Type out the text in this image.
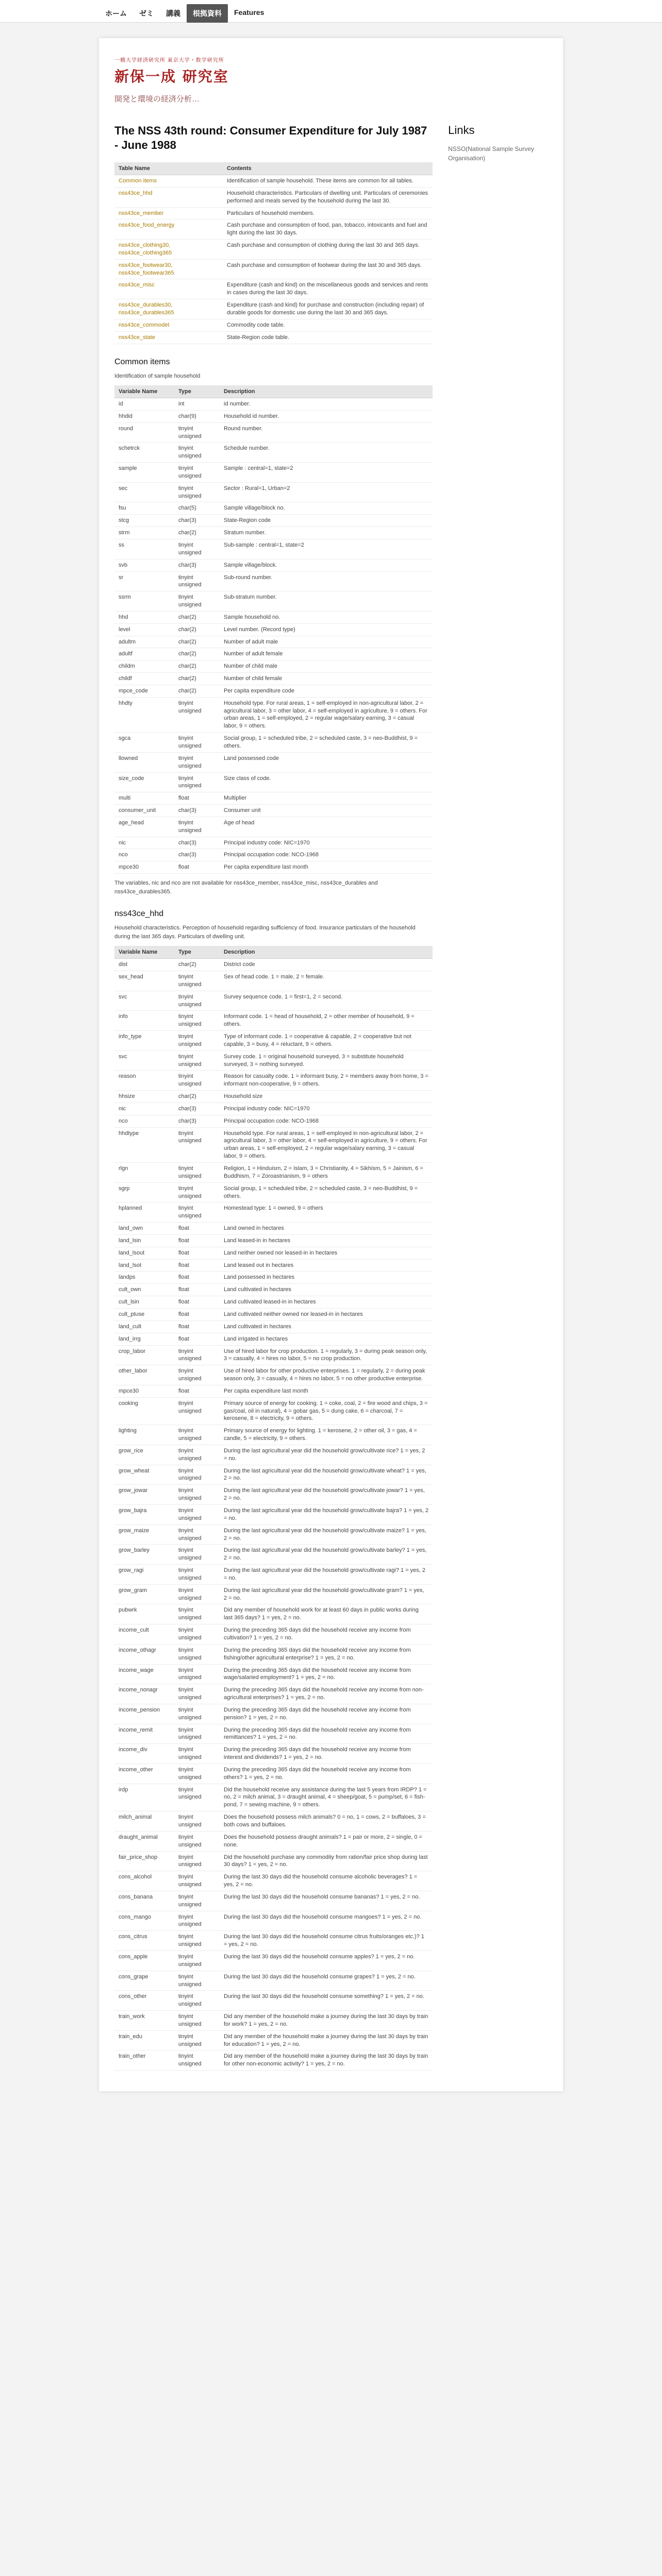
ホーム	ゼミ	講義	根拠資料	Features
一橋大学経済研究所 東京大学・数学研究所
新保一成 研究室
開発と環境の経済分析…
The NSS 43th round: Consumer Expenditure for July 1987 - June 1988
Table Name	Contents
Common items	Identification of sample household. These items are common for all tables.
nss43ce_hhd	Household characteristics. Particulars of dwelling unit. Particulars of ceremonies performed and meals served by the household during the last 30.
nss43ce_member	Particulars of household members.
nss43ce_food_energy	Cash purchase and consumption of food, pan, tobacco, intoxicants and fuel and light during the last 30 days.
nss43ce_clothing30, nss43ce_clothing365	Cash purchase and consumption of clothing during the last 30 and 365 days.
nss43ce_footwear30, nss43ce_footwear365	Cash purchase and consumption of footwear during the last 30 and 365 days.
nss43ce_misc	Expenditure (cash and kind) on the miscellaneous goods and services and rents in cases during the last 30 days.
nss43ce_durables30, nss43ce_durables365	Expenditure (cash and kind) for purchase and construction (including repair) of durable goods for domestic use during the last 30 and 365 days.
nss43ce_commodet	Commodity code table.
nss43ce_state	State-Region code table.
Common items

Identification of sample household

Variable Name	Type	Description
id	int	id number.
hhdid	char(9)	Household id number.
round	tinyint unsigned	Round number.
schetrck	tinyint unsigned	Schedule number.
sample	tinyint unsigned	Sample : central=1, state=2
sec	tinyint unsigned	Sector : Rural=1, Urban=2
fsu	char(5)	Sample village/block no.
stcg	char(3)	State-Region code
strm	char(2)	Stratum number.
ss	tinyint unsigned	Sub-sample : central=1, state=2
svb	char(3)	Sample village/block.
sr	tinyint unsigned	Sub-round number.
ssrm	tinyint unsigned	Sub-stratum number.
hhd	char(2)	Sample household no.
level	char(2)	Level number. (Record type)
adultm	char(2)	Number of adult male
adultf	char(2)	Number of adult female
childm	char(2)	Number of child male
childf	char(2)	Number of child female
mpce_code	char(2)	Per capita expenditure code
hhdty	tinyint unsigned	Household type. For rural areas, 1 = self-employed in non-agricultural labor, 2 = agricultural labor, 3 = other labor, 4 = self-employed in agriculture, 9 = others. For urban areas, 1 = self-employed, 2 = regular wage/salary earning, 3 = casual labor, 9 = others.
sgca	tinyint unsigned	Social group, 1 = scheduled tribe, 2 = scheduled caste, 3 = neo-Buddhist, 9 = others.
llowned	tinyint unsigned	Land possessed code
size_code	tinyint unsigned	Size class of code.
multi	float	Multiplier
consumer_unit	char(3)	Consumer unit
age_head	tinyint unsigned	Age of head
nic	char(3)	Principal industry code: NIC=1970
nco	char(3)	Principal occupation code: NCO-1968
mpce30	float	Per capita expenditure last month

The variables, nic and nco are not available for nss43ce_member, nss43ce_misc, nss43ce_durables and nss43ce_durables365.

nss43ce_hhd

Household characteristics. Perception of household regarding sufficiency of food. Insurance particulars of the household during the last 365 days. Particulars of dwelling unit.

Variable Name	Type	Description
dist	char(2)	District code
sex_head	tinyint unsigned	Sex of head code. 1 = male, 2 = female.
svc	tinyint unsigned	Survey sequence code. 1 = first=1, 2 = second.
info	tinyint unsigned	Informant code. 1 = head of household, 2 = other member of household, 9 = others.
info_type	tinyint unsigned	Type of informant code. 1 = cooperative & capable, 2 = cooperative but not capable, 3 = busy, 4 = reluctant, 9 = others.
svc	tinyint unsigned	Survey code. 1 = original household surveyed, 3 = substitute household surveyed, 3 = nothing surveyed.
reason	tinyint unsigned	Reason for casualty code. 1 = informant busy, 2 = members away from home, 3 = informant non-cooperative, 9 = others.
hhsize	char(2)	Household size
nic	char(3)	Principal industry code: NIC=1970
nco	char(3)	Principal occupation code: NCO-1968
hhdtype	tinyint unsigned	Household type. For rural areas, 1 = self-employed in non-agricultural labor, 2 = agricultural labor, 3 = other labor, 4 = self-employed in agriculture, 9 = others. For urban areas, 1 = self-employed, 2 = regular wage/salary earning, 3 = casual labor, 9 = others.
rlgn	tinyint unsigned	Religion, 1 = Hinduism, 2 = Islam, 3 = Christianity, 4 = Sikhism, 5 = Jainism, 6 = Buddhism, 7 = Zoroastrianism, 9 = others
sgrp	tinyint unsigned	Social group, 1 = scheduled tribe, 2 = scheduled caste, 3 = neo-Buddhist, 9 = others.
hplanned	tinyint unsigned	Homestead type: 1 = owned, 9 = others
land_own	float	Land owned in hectares
land_lsin	float	Land leased-in in hectares
land_lsout	float	Land neither owned nor leased-in in hectares
land_lsot	float	Land leased out in hectares
landps	float	Land possessed in hectares
cult_own	float	Land cultivated in hectares
cult_lsin	float	Land cultivated leased-in in hectares
cult_ptuse	float	Land cultivated neither owned nor leased-in in hectares
land_cult	float	Land cultivated in hectares
land_irrg	float	Land irrigated in hectares
crop_labor	tinyint unsigned	Use of hired labor for crop production. 1 = regularly, 3 = during peak season only, 3 = casually, 4 = hires no labor, 5 = no crop production.
other_labor	tinyint unsigned	Use of hired labor for other productive enterprises. 1 = regularly, 2 = during peak season only, 3 = casually, 4 = hires no labor, 5 = no other productive enterprise.
mpce30	float	Per capita expenditure last month
cooking	tinyint unsigned	Primary source of energy for cooking. 1 = coke, coal, 2 = fire wood and chips, 3 = gas/coal, oil in natural), 4 = gobar gas, 5 = dung cake, 6 = charcoal, 7 = kerosene, 8 = electricity, 9 = others.
lighting	tinyint unsigned	Primary source of energy for lighting. 1 = kerosene, 2 = other oil, 3 = gas, 4 = candle, 5 = electricity, 9 = others.
grow_rice	tinyint unsigned	During the last agricultural year did the household grow/cultivate rice? 1 = yes, 2 = no.
grow_wheat	tinyint unsigned	During the last agricultural year did the household grow/cultivate wheat? 1 = yes, 2 = no.
grow_jowar	tinyint unsigned	During the last agricultural year did the household grow/cultivate jowar? 1 = yes, 2 = no.
grow_bajra	tinyint unsigned	During the last agricultural year did the household grow/cultivate bajra? 1 = yes, 2 = no.
grow_maize	tinyint unsigned	During the last agricultural year did the household grow/cultivate maize? 1 = yes, 2 = no.
grow_barley	tinyint unsigned	During the last agricultural year did the household grow/cultivate barley? 1 = yes, 2 = no.
grow_ragi	tinyint unsigned	During the last agricultural year did the household grow/cultivate ragi? 1 = yes, 2 = no.
grow_gram	tinyint unsigned	During the last agricultural year did the household grow/cultivate gram? 1 = yes, 2 = no.
pubwrk	tinyint unsigned	Did any member of household work for at least 60 days in public works during last 365 days? 1 = yes, 2 = no.
income_cult	tinyint unsigned	During the preceding 365 days did the household receive any income from cultivation? 1 = yes, 2 = no.
income_othagr	tinyint unsigned	During the preceding 365 days did the household receive any income from fishing/other agricultural enterprise? 1 = yes, 2 = no.
income_wage	tinyint unsigned	During the preceding 365 days did the household receive any income from wage/salaried employment? 1 = yes, 2 = no.
income_nonagr	tinyint unsigned	During the preceding 365 days did the household receive any income from non-agricultural enterprises? 1 = yes, 2 = no.
income_pension	tinyint unsigned	During the preceding 365 days did the household receive any income from pension? 1 = yes, 2 = no.
income_remit	tinyint unsigned	During the preceding 365 days did the household receive any income from remittances? 1 = yes, 2 = no.
income_div	tinyint unsigned	During the preceding 365 days did the household receive any income from interest and dividends? 1 = yes, 2 = no.
income_other	tinyint unsigned	During the preceding 365 days did the household receive any income from others? 1 = yes, 2 = no.
irdp	tinyint unsigned	Did the household receive any assistance during the last 5 years from IRDP? 1 = no, 2 = milch animal, 3 = draught animal, 4 = sheep/goat, 5 = pump/set, 6 = fish-pond, 7 = sewing machine, 9 = others.
milch_animal	tinyint unsigned	Does the household possess milch animals? 0 = no, 1 = cows, 2 = buffaloes, 3 = both cows and buffaloes.
draught_animal	tinyint unsigned	Does the household possess draught animals? 1 = pair or more, 2 = single, 0 = none.
fair_price_shop	tinyint unsigned	Did the household purchase any commodity from ration/fair price shop during last 30 days? 1 = yes, 2 = no.
cons_alcohol	tinyint unsigned	During the last 30 days did the household consume alcoholic beverages? 1 = yes, 2 = no.
cons_banana	tinyint unsigned	During the last 30 days did the household consume bananas? 1 = yes, 2 = no.
cons_mango	tinyint unsigned	During the last 30 days did the household consume mangoes? 1 = yes, 2 = no.
cons_citrus	tinyint unsigned	During the last 30 days did the household consume citrus fruits/oranges etc.)? 1 = yes, 2 = no.
cons_apple	tinyint unsigned	During the last 30 days did the household consume apples? 1 = yes, 2 = no.
cons_grape	tinyint unsigned	During the last 30 days did the household consume grapes? 1 = yes, 2 = no.
cons_other	tinyint unsigned	During the last 30 days did the household consume something? 1 = yes, 2 = no.
train_work	tinyint unsigned	Did any member of the household make a journey during the last 30 days by train for work? 1 = yes, 2 = no.
train_edu	tinyint unsigned	Did any member of the household make a journey during the last 30 days by train for education? 1 = yes, 2 = no.
train_other	tinyint unsigned	Did any member of the household make a journey during the last 30 days by train for other non-economic activity? 1 = yes, 2 = no.
Links
NSSO(National Sample Survey Organisation)
